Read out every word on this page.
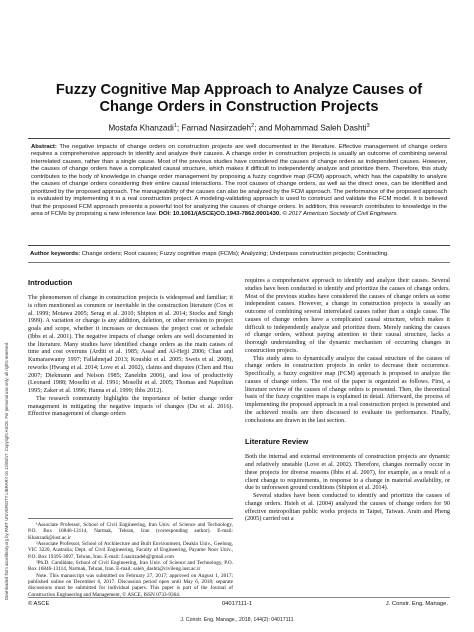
Downloaded from ascelibrary.org by RMIT UNIVERSITY LIBRARY on 12/08/17. Copyright ASCE. For personal use only; all rights reserved.
Fuzzy Cognitive Map Approach to Analyze Causes of Change Orders in Construction Projects
Mostafa Khanzadi$^1$; Farnad Nasirzadeh$^2$; and Mohammad Saleh Dashti$^3$
Abstract: The negative impacts of change orders on construction projects are well documented in the literature. Effective management of change orders requires a comprehensive approach to identify and analyze their causes. A change order in construction projects is usually an outcome of combining several interrelated causes, rather than a single cause. Most of the previous studies have considered the causes of change orders as independent causes. However, the causes of change orders have a complicated causal structure, which makes it difficult to independently analyze and prioritize them. Therefore, this study contributes to the body of knowledge in change order management by proposing a fuzzy cognitive map (FCM) approach, which has the capability to analyze the causes of change orders considering their entire causal interactions. The root causes of change orders, as well as the direct ones, can be identified and prioritized by the proposed approach. The manageability of the causes can also be analyzed by the FCM approach. The performance of the proposed approach is evaluated by implementing it in a real construction project. A modeling-validating approach is used to construct and validate the FCM model. It is believed that the proposed FCM approach presents a powerful tool for analyzing the causes of change orders. In addition, this research contributes to knowledge in the area of FCMs by proposing a new inference law. DOI: 10.1061/(ASCE)CO.1943-7862.0001430. © 2017 American Society of Civil Engineers.
Author keywords: Change orders; Root causes; Fuzzy cognitive maps (FCMs); Analyzing; Underpass construction projects; Contracting.
Introduction

The phenomenon of change in construction projects is widespread and familiar; it is often mentioned as common or inevitable in the construction literature (Cox et al. 1999; Motawa 2005; Serag et al. 2010; Shipton et al. 2014; Stocks and Singh 1999). A variation or change is any addition, deletion, or other revision to project goals and scope, whether it increases or decreases the project cost or schedule (Ibbs et al. 2001). The negative impacts of change orders are well documented in the literature. Many studies have identified change orders as the main causes of time and cost overruns (Arditi et al. 1985; Assaf and Al-Hejji 2006; Chan and Kumaraswamy 1997; Fallahnejad 2013; Koushki et al. 2005; Sweis et al. 2008), reworks (Hwang et al. 2014; Love et al. 2002), claims and disputes (Chen and Hsu 2007; Diekmann and Nelson 1985; Zaneldin 2006), and loss of productivity (Leonard 1988; Moselhi et al. 1991; Moselhi et al. 2005; Thomas and Napolitan 1995; Zaker et al. 1996; Hanna et al. 1999; Ibbs 2012).

The research community highlights the importance of better change order management in mitigating the negative impacts of changes (Du et al. 2016). Effective management of change orders

¹Associate Professor, School of Civil Engineering, Iran Univ. of Science and Technology, P.O. Box 16846-13114, Narmak, Tehran, Iran (corresponding author). E-mail: Khanzadi@iust.ac.ir

²Associate Professor, School of Architecture and Built Environment, Deakin Univ., Geelong, VIC 3220, Australia; Dept. of Civil Engineering, Faculty of Engineering, Payame Noor Univ., P.O. Box 19395-3697, Tehran, Iran. E-mail: f.nasirzadeh@gmail.com

³Ph.D. Candidate, School of Civil Engineering, Iran Univ. of Science and Technology, P.O. Box 16846-13114, Narmak, Tehran, Iran. E-mail: saleh_dashti@civileng.iust.ac.ir

Note. This manuscript was submitted on February 27, 2017; approved on August 1, 2017; published online on December 6, 2017. Discussion period open until May 6, 2018; separate discussions must be submitted for individual papers. This paper is part of the Journal of Construction Engineering and Management, © ASCE, ISSN 0733-9364.

requires a comprehensive approach to identify and analyze their causes. Several studies have been conducted to identify and prioritize the causes of change orders. Most of the previous studies have considered the causes of change orders as some independent causes. However, a change in construction projects is usually an outcome of combining several interrelated causes rather than a single cause. The causes of change orders have a complicated causal structure, which makes it difficult to independently analyze and prioritize them. Merely ranking the causes of change orders, without paying attention to their causal structure, lacks a thorough understanding of the dynamic mechanism of occurring changes in construction projects.

This study aims to dynamically analyze the causal structure of the causes of change orders in construction projects in order to decrease their occurrence. Specifically, a fuzzy cognitive map (FCM) approach is proposed to analyze the causes of change orders. The rest of the paper is organized as follows. First, a literature review of the causes of change orders is presented. Then, the theoretical basis of the fuzzy cognitive maps is explained in detail. Afterward, the process of implementing the proposed approach in a real construction project is presented and the achieved results are then discussed to evaluate its performance. Finally, conclusions are drawn in the last section.

Literature Review

Both the internal and external environments of construction projects are dynamic and relatively unstable (Love et al. 2002). Therefore, changes normally occur in these projects for diverse reasons (Ibbs et al. 2007), for example, as a result of a client change to requirements, in response to a change in material availability, or due to unforeseen ground conditions (Shipton et al. 2014).

Several studies have been conducted to identify and prioritize the causes of change orders. Hsieh et al. (2004) analyzed the causes of change orders for 90 effective metropolitan public works projects in Taipei, Taiwan. Arain and Pheng (2005) carried out a

© ASCE	04017111-1	J. Constr. Eng. Manage.
J. Constr. Eng. Manage., 2018, 144(2): 04017111
